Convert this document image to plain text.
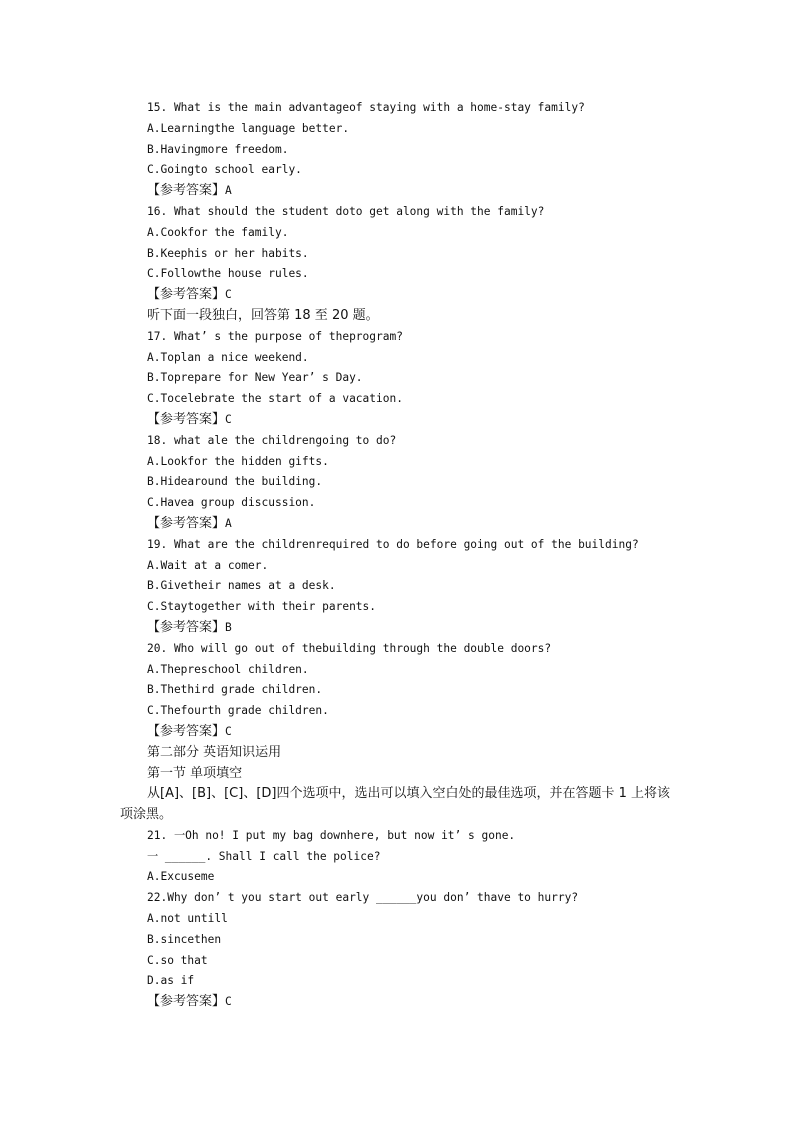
15. What is the main advantageof staying with a home-stay family?
A.Learningthe language better.
B.Havingmore freedom.
C.Goingto school early.
【参考答案】A
16. What should the student doto get along with the family?
A.Cookfor the family.
B.Keephis or her habits.
C.Followthe house rules.
【参考答案】C
听下面一段独白，回答第 18 至 20 题。
17. What’ s the purpose of theprogram?
A.Toplan a nice weekend.
B.Toprepare for New Year’ s Day.
C.Tocelebrate the start of a vacation.
【参考答案】C
18. what ale the childrengoing to do?
A.Lookfor the hidden gifts.
B.Hidearound the building.
C.Havea group discussion.
【参考答案】A
19. What are the childrenrequired to do before going out of the building?
A.Wait at a comer.
B.Givetheir names at a desk.
C.Staytogether with their parents.
【参考答案】B
20. Who will go out of thebuilding through the double doors?
A.Thepreschool children.
B.Thethird grade children.
C.Thefourth grade children.
【参考答案】C
第二部分 英语知识运用
第一节 单项填空
从[A]、[B]、[C]、[D]四个选项中，选出可以填入空白处的最佳选项，并在答题卡 1 上将该项涂黑。
21. 一Oh no! I put my bag downhere, but now it’ s gone.
一 ______. Shall I call the police?
A.Excuseme
22.Why don’ t you start out early ______you don’ thave to hurry?
A.not untill
B.sincethen
C.so that
D.as if
【参考答案】C
